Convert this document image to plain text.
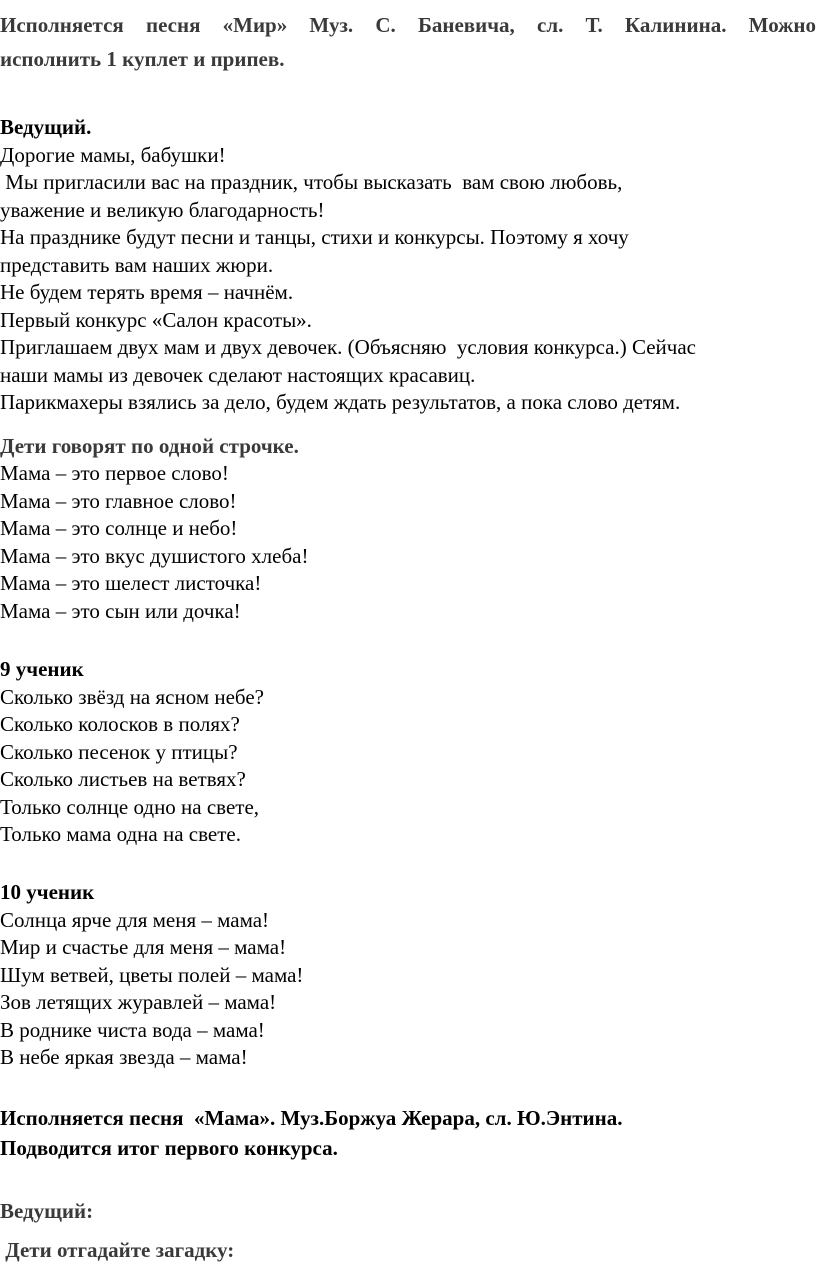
Исполняется песня «Мир» Муз. С. Баневича, сл. Т. Калинина. Можно
исполнить 1 куплет и припев.
Ведущий.
Дорогие мамы, бабушки!
Мы пригласили вас на праздник, чтобы высказать  вам свою любовь,
уважение и великую благодарность!
На празднике будут песни и танцы, стихи и конкурсы. Поэтому я хочу
представить вам наших жюри.
Не будем терять время – начнём.
Первый конкурс «Салон красоты».
Приглашаем двух мам и двух девочек. (Объясняю  условия конкурса.) Сейчас
наши мамы из девочек сделают настоящих красавиц.
Парикмахеры взялись за дело, будем ждать результатов, а пока слово детям.
Дети говорят по одной строчке.
Мама – это первое слово!
Мама – это главное слово!
Мама – это солнце и небо!
Мама – это вкус душистого хлеба!
Мама – это шелест листочка!
Мама – это сын или дочка!
9 ученик
Сколько звёзд на ясном небе?
Сколько колосков в полях?
Сколько песенок у птицы?
Сколько листьев на ветвях?
Только солнце одно на свете,
Только мама одна на свете.
10 ученик
Солнца ярче для меня – мама!
Мир и счастье для меня – мама!
Шум ветвей, цветы полей – мама!
Зов летящих журавлей – мама!
В роднике чиста вода – мама!
В небе яркая звезда – мама!
Исполняется песня  «Мама». Муз.Боржуа Жерара, сл. Ю.Энтина.
Подводится итог первого конкурса.
Ведущий:
Дети отгадайте загадку:
